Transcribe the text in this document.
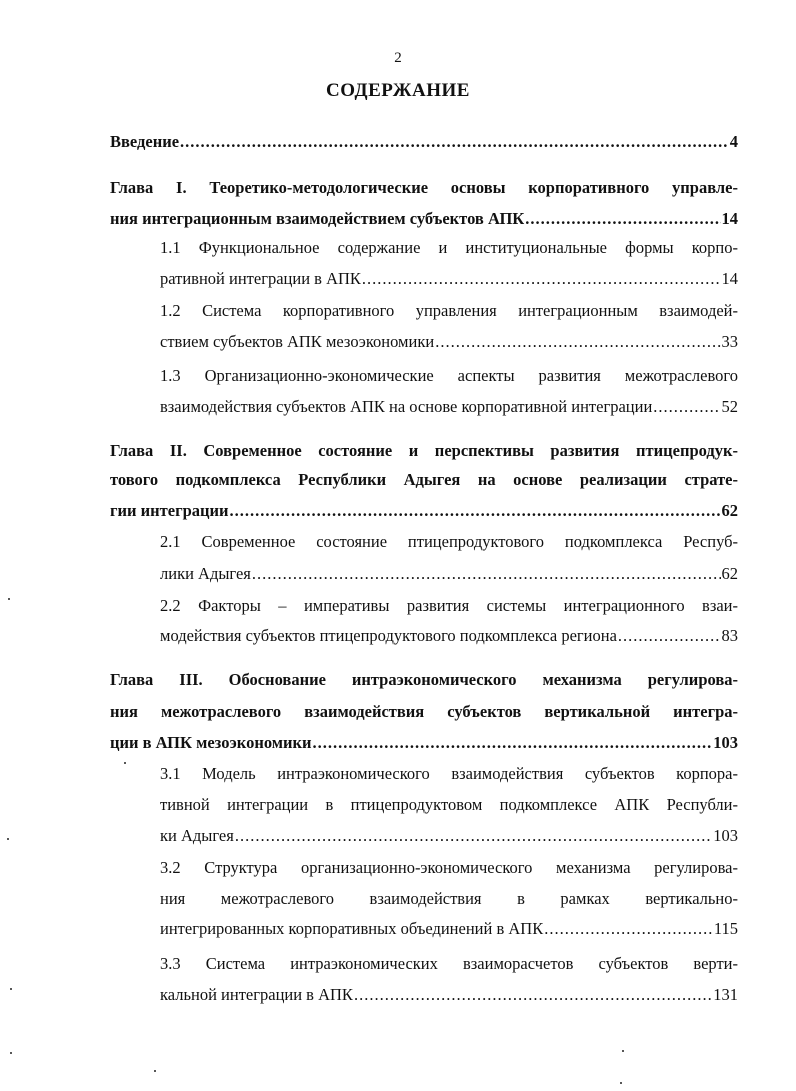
2
СОДЕРЖАНИЕ
Введение .....	4
Глава I. Теоретико-методологические основы корпоративного управле-
ния интеграционным взаимодействием субъектов АПК .....	14
1.1 Функциональное содержание и институциональные формы корпо-
ративной интеграции в АПК .....	14
1.2 Система корпоративного управления интеграционным взаимодей-
ствием субъектов АПК мезоэкономики .....	33
1.3 Организационно-экономические аспекты развития межотраслевого
взаимодействия субъектов АПК на основе корпоративной интеграции .....	52
Глава II. Современное состояние и перспективы развития птицепродук-
тового подкомплекса Республики Адыгея на основе реализации страте-
гии интеграции .....	62
2.1 Современное состояние птицепродуктового подкомплекса Респуб-
лики Адыгея .....	62
2.2 Факторы – императивы развития системы интеграционного взаи-
модействия субъектов птицепродуктового подкомплекса региона .....	83
Глава III. Обоснование интраэкономического механизма регулирова-
ния межотраслевого взаимодействия субъектов вертикальной интегра-
ции в АПК мезоэкономики .....	103
3.1 Модель интраэкономического взаимодействия субъектов корпора-
тивной интеграции в птицепродуктовом подкомплексе АПК Республи-
ки Адыгея .....	103
3.2 Структура организационно-экономического механизма регулирова-
ния межотраслевого взаимодействия в рамках вертикально-
интегрированных корпоративных объединений в АПК .....	115
3.3 Система интраэкономических взаиморасчетов субъектов верти-
кальной интеграции в АПК .....	131
